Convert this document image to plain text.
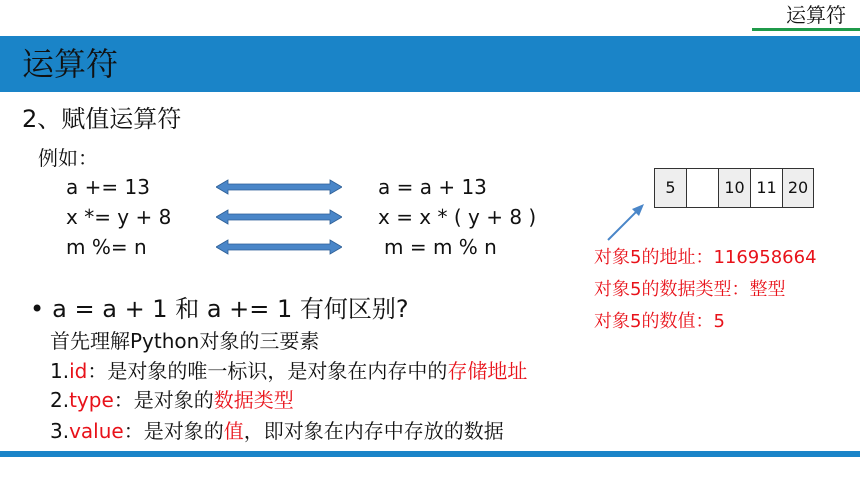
运算符
运算符
2、赋值运算符
例如：
a += 13
x *= y + 8
m %= n
a = a + 13
x = x * ( y + 8 )
m = m % n
5	10 11 20
对象5的地址：116958664
对象5的数据类型：整型
对象5的数值：5
• a = a + 1 和 a += 1 有何区别?
首先理解Python对象的三要素
1.id：是对象的唯一标识，是对象在内存中的存储地址
2.type：是对象的数据类型
3.value：是对象的值，即对象在内存中存放的数据
